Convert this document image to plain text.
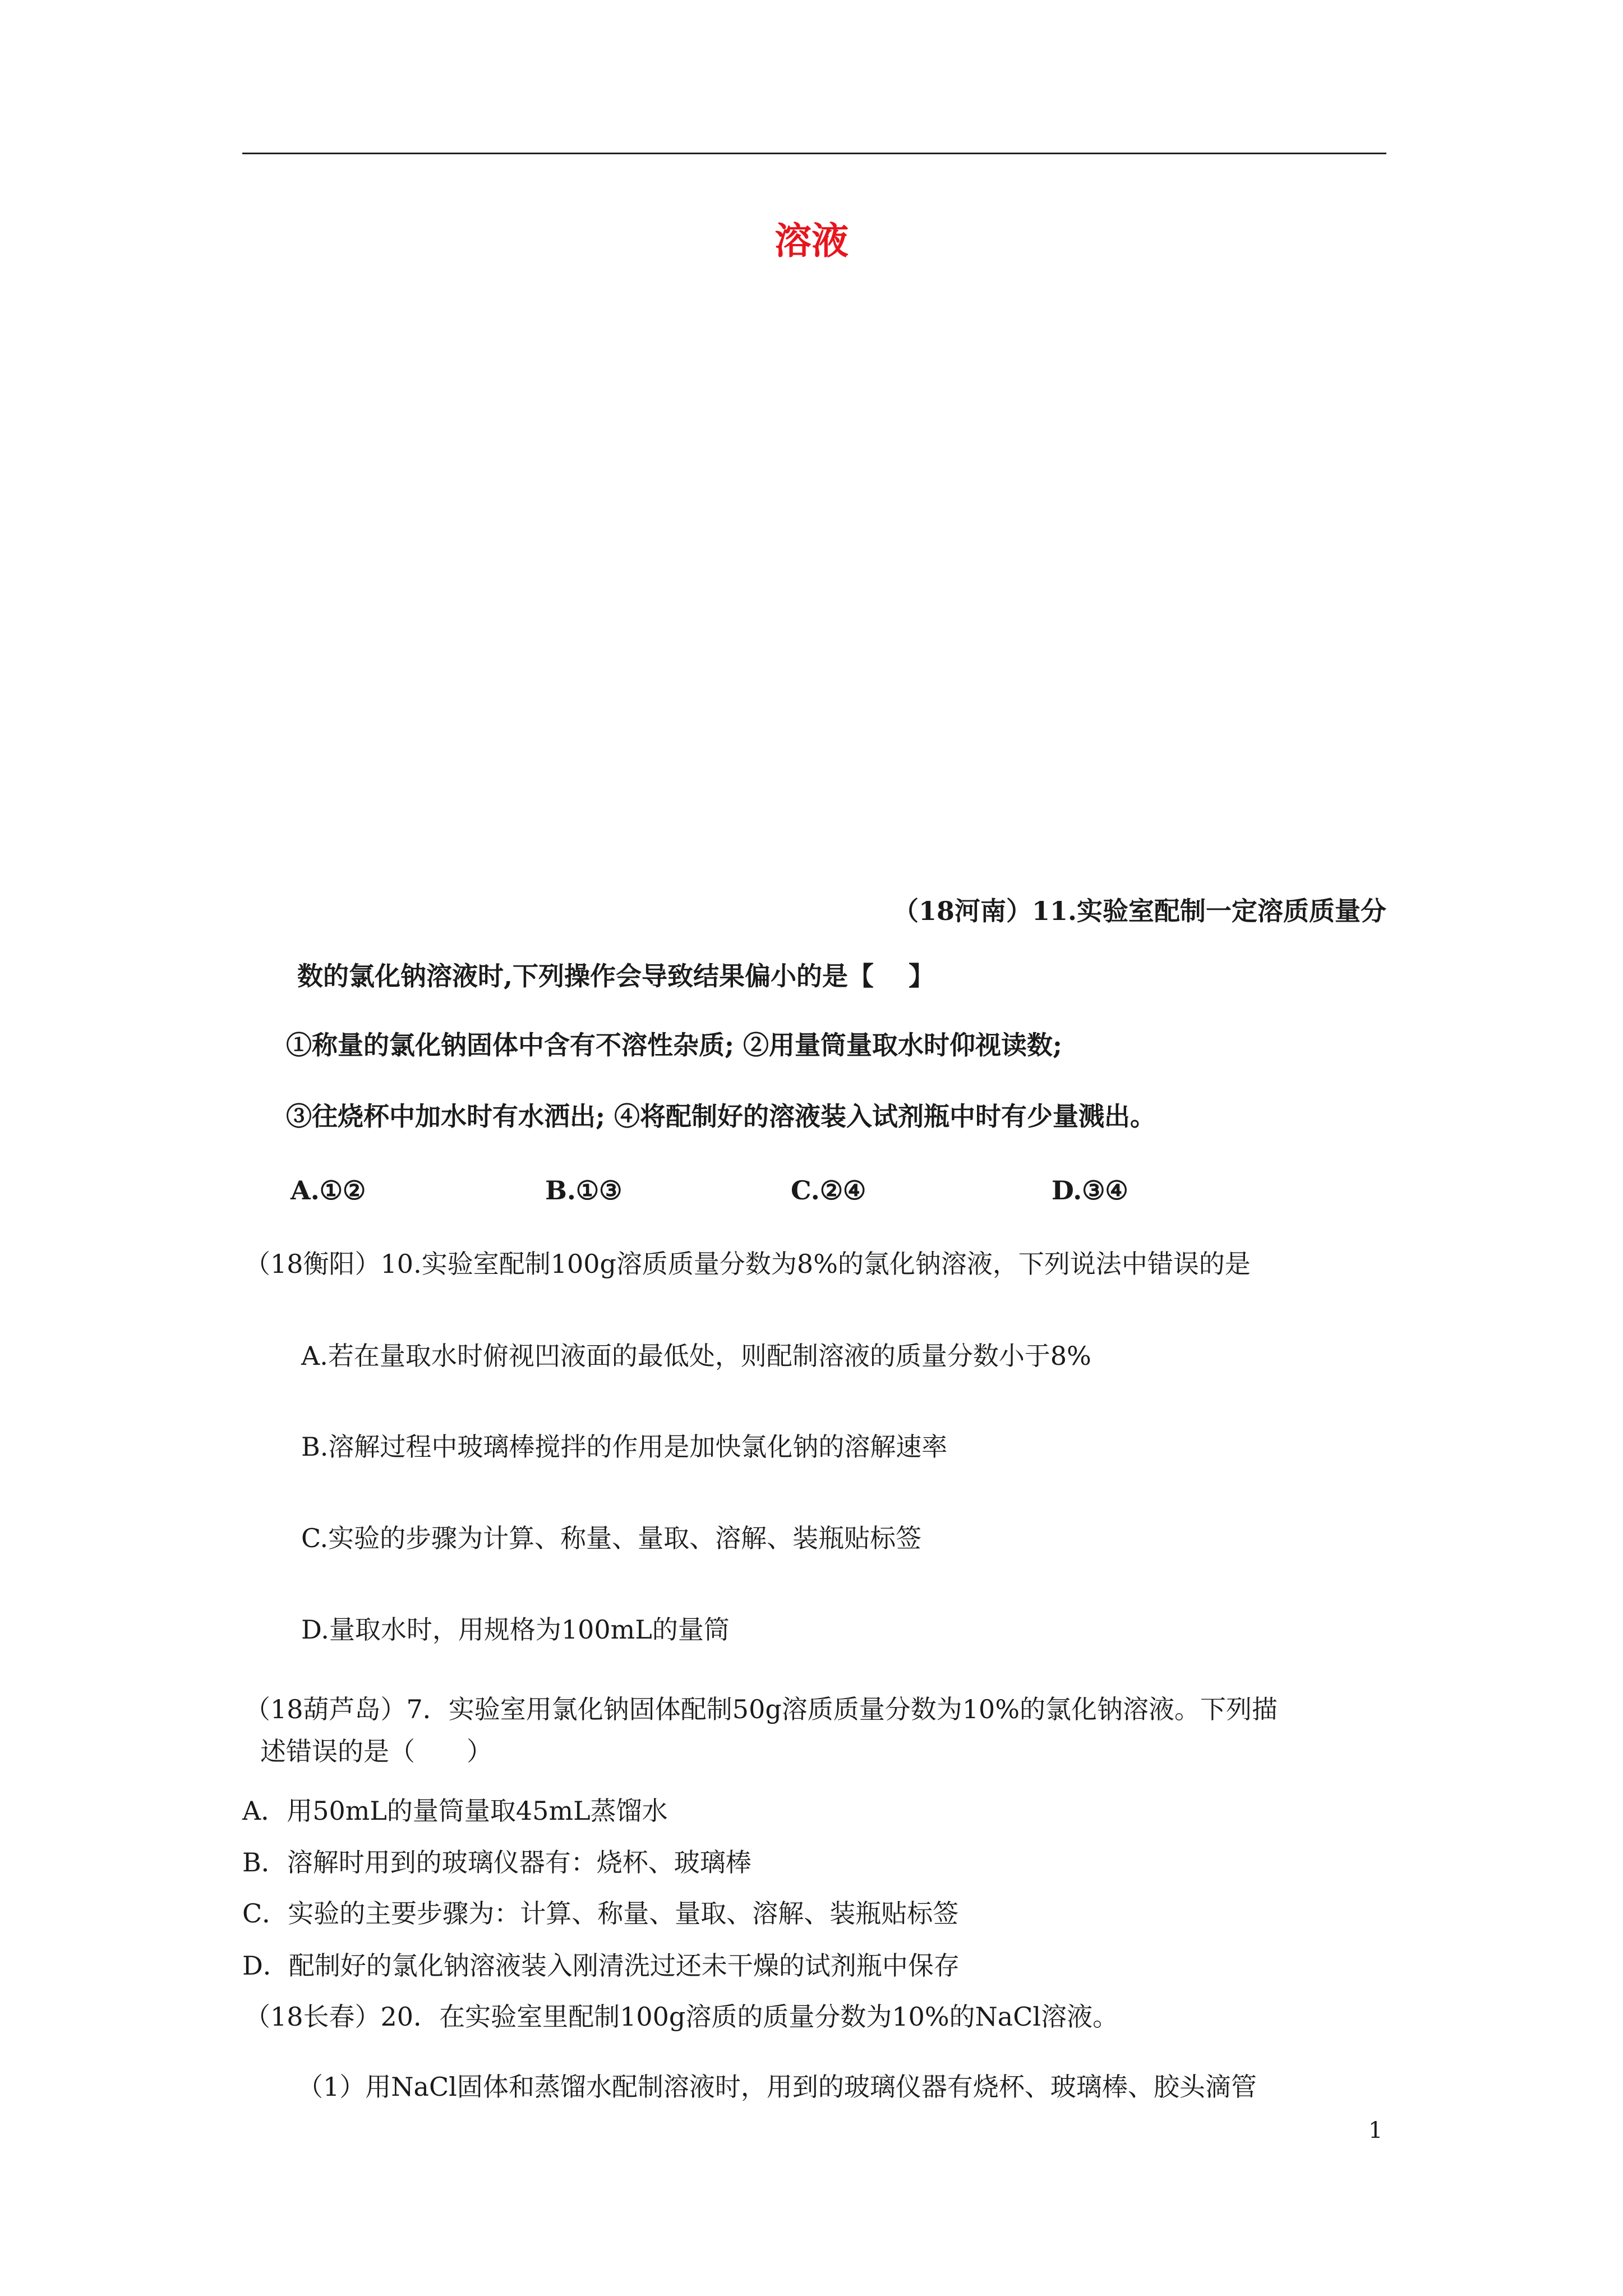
溶液
（18河南）11.实验室配制一定溶质质量分
数的氯化钠溶液时,下列操作会导致结果偏小的是【　 】
①称量的氯化钠固体中含有不溶性杂质; ②用量筒量取水时仰视读数;
③往烧杯中加水时有水洒出; ④将配制好的溶液装入试剂瓶中时有少量溅出。
A.①②	B.①③	C.②④	D.③④
（18衡阳）10.实验室配制100g溶质质量分数为8%的氯化钠溶液，下列说法中错误的是
A.若在量取水时俯视凹液面的最低处，则配制溶液的质量分数小于8%
B.溶解过程中玻璃棒搅拌的作用是加快氯化钠的溶解速率
C.实验的步骤为计算、称量、量取、溶解、装瓶贴标签
D.量取水时，用规格为100mL的量筒
（18葫芦岛）7．实验室用氯化钠固体配制50g溶质质量分数为10%的氯化钠溶液。下列描
述错误的是（　　）
A．用50mL的量筒量取45mL蒸馏水
B．溶解时用到的玻璃仪器有：烧杯、玻璃棒
C．实验的主要步骤为：计算、称量、量取、溶解、装瓶贴标签
D．配制好的氯化钠溶液装入刚清洗过还未干燥的试剂瓶中保存
（18长春）20．在实验室里配制100g溶质的质量分数为10%的NaCl溶液。
（1）用NaCl固体和蒸馏水配制溶液时，用到的玻璃仪器有烧杯、玻璃棒、胶头滴管
1
